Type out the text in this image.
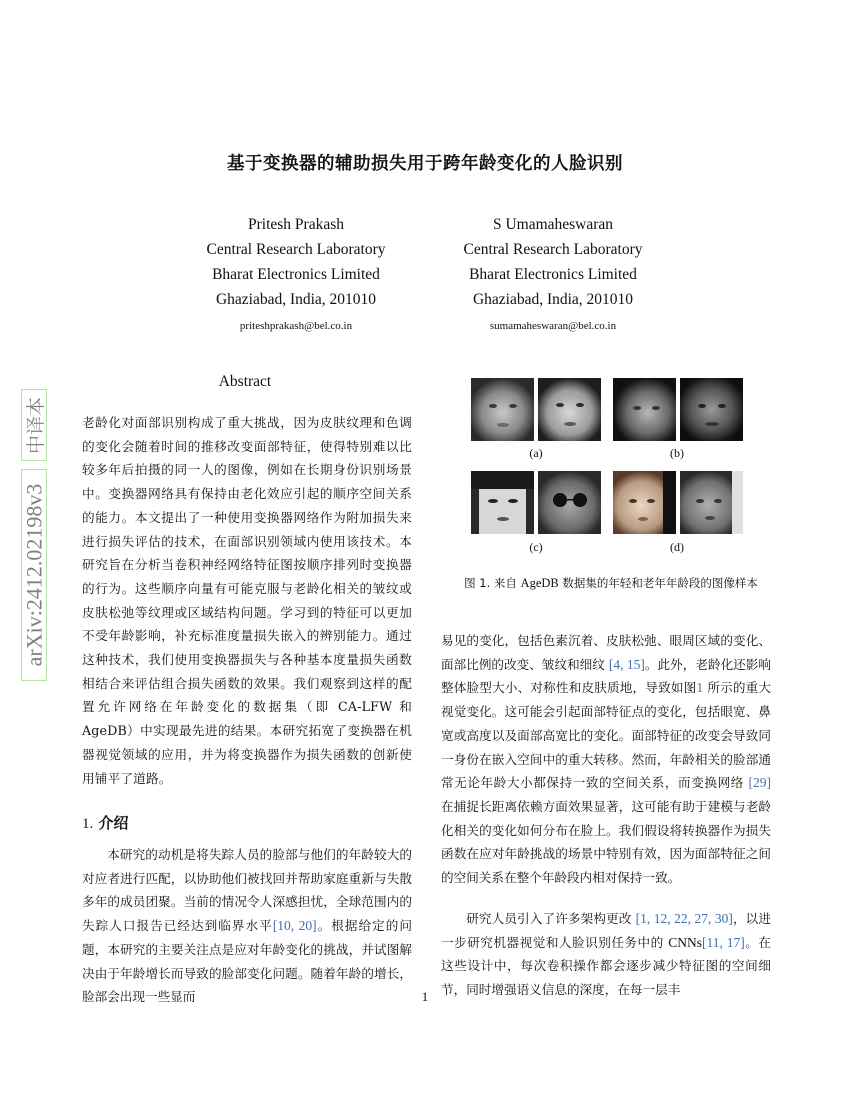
基于变换器的辅助损失用于跨年龄变化的人脸识别
Pritesh Prakash
Central Research Laboratory
Bharat Electronics Limited
Ghaziabad, India, 201010
priteshprakash@bel.co.in
S Umamaheswaran
Central Research Laboratory
Bharat Electronics Limited
Ghaziabad, India, 201010
sumamaheswaran@bel.co.in
中译本
arXiv:2412.02198v3
Abstract
老龄化对面部识别构成了重大挑战，因为皮肤纹理和色调的变化会随着时间的推移改变面部特征，使得特别难以比较多年后拍摄的同一人的图像，例如在长期身份识别场景中。变换器网络具有保持由老化效应引起的顺序空间关系的能力。本文提出了一种使用变换器网络作为附加损失来进行损失评估的技术，在面部识别领域内使用该技术。本研究旨在分析当卷积神经网络特征图按顺序排列时变换器的行为。这些顺序向量有可能克服与老龄化相关的皱纹或皮肤松弛等纹理或区域结构问题。学习到的特征可以更加不受年龄影响，补充标准度量损失嵌入的辨别能力。通过这种技术，我们使用变换器损失与各种基本度量损失函数相结合来评估组合损失函数的效果。我们观察到这样的配置允许网络在年龄变化的数据集（即 CA-LFW 和 AgeDB）中实现最先进的结果。本研究拓宽了变换器在机器视觉领域的应用，并为将变换器作为损失函数的创新使用铺平了道路。
1. 介绍

本研究的动机是将失踪人员的脸部与他们的年龄较大的对应者进行匹配，以协助他们被找回并帮助家庭重新与失散多年的成员团聚。当前的情况令人深感担忧，全球范围内的失踪人口报告已经达到临界水平[10, 20]。根据给定的问题，本研究的主要关注点是应对年龄变化的挑战，并试图解决由于年龄增长而导致的脸部变化问题。随着年龄的增长，脸部会出现一些显而

(a)	(b)
(c)	(d)
图 1. 来自 AgeDB 数据集的年轻和老年年龄段的图像样本

易见的变化，包括色素沉着、皮肤松弛、眼周区域的变化、面部比例的改变、皱纹和细纹 [4, 15]。此外，老龄化还影响整体脸型大小、对称性和皮肤质地，导致如图1 所示的重大视觉变化。这可能会引起面部特征点的变化，包括眼宽、鼻宽或高度以及面部高宽比的变化。面部特征的改变会导致同一身份在嵌入空间中的重大转移。然而，年龄相关的脸部通常无论年龄大小都保持一致的空间关系，而变换网络 [29] 在捕捉长距离依赖方面效果显著，这可能有助于建模与老龄化相关的变化如何分布在脸上。我们假设将转换器作为损失函数在应对年龄挑战的场景中特别有效，因为面部特征之间的空间关系在整个年龄段内相对保持一致。

研究人员引入了许多架构更改 [1, 12, 22, 27, 30]，以进一步研究机器视觉和人脸识别任务中的 CNNs[11, 17]。在这些设计中，每次卷积操作都会逐步减少特征图的空间细节，同时增强语义信息的深度，在每一层丰

1
